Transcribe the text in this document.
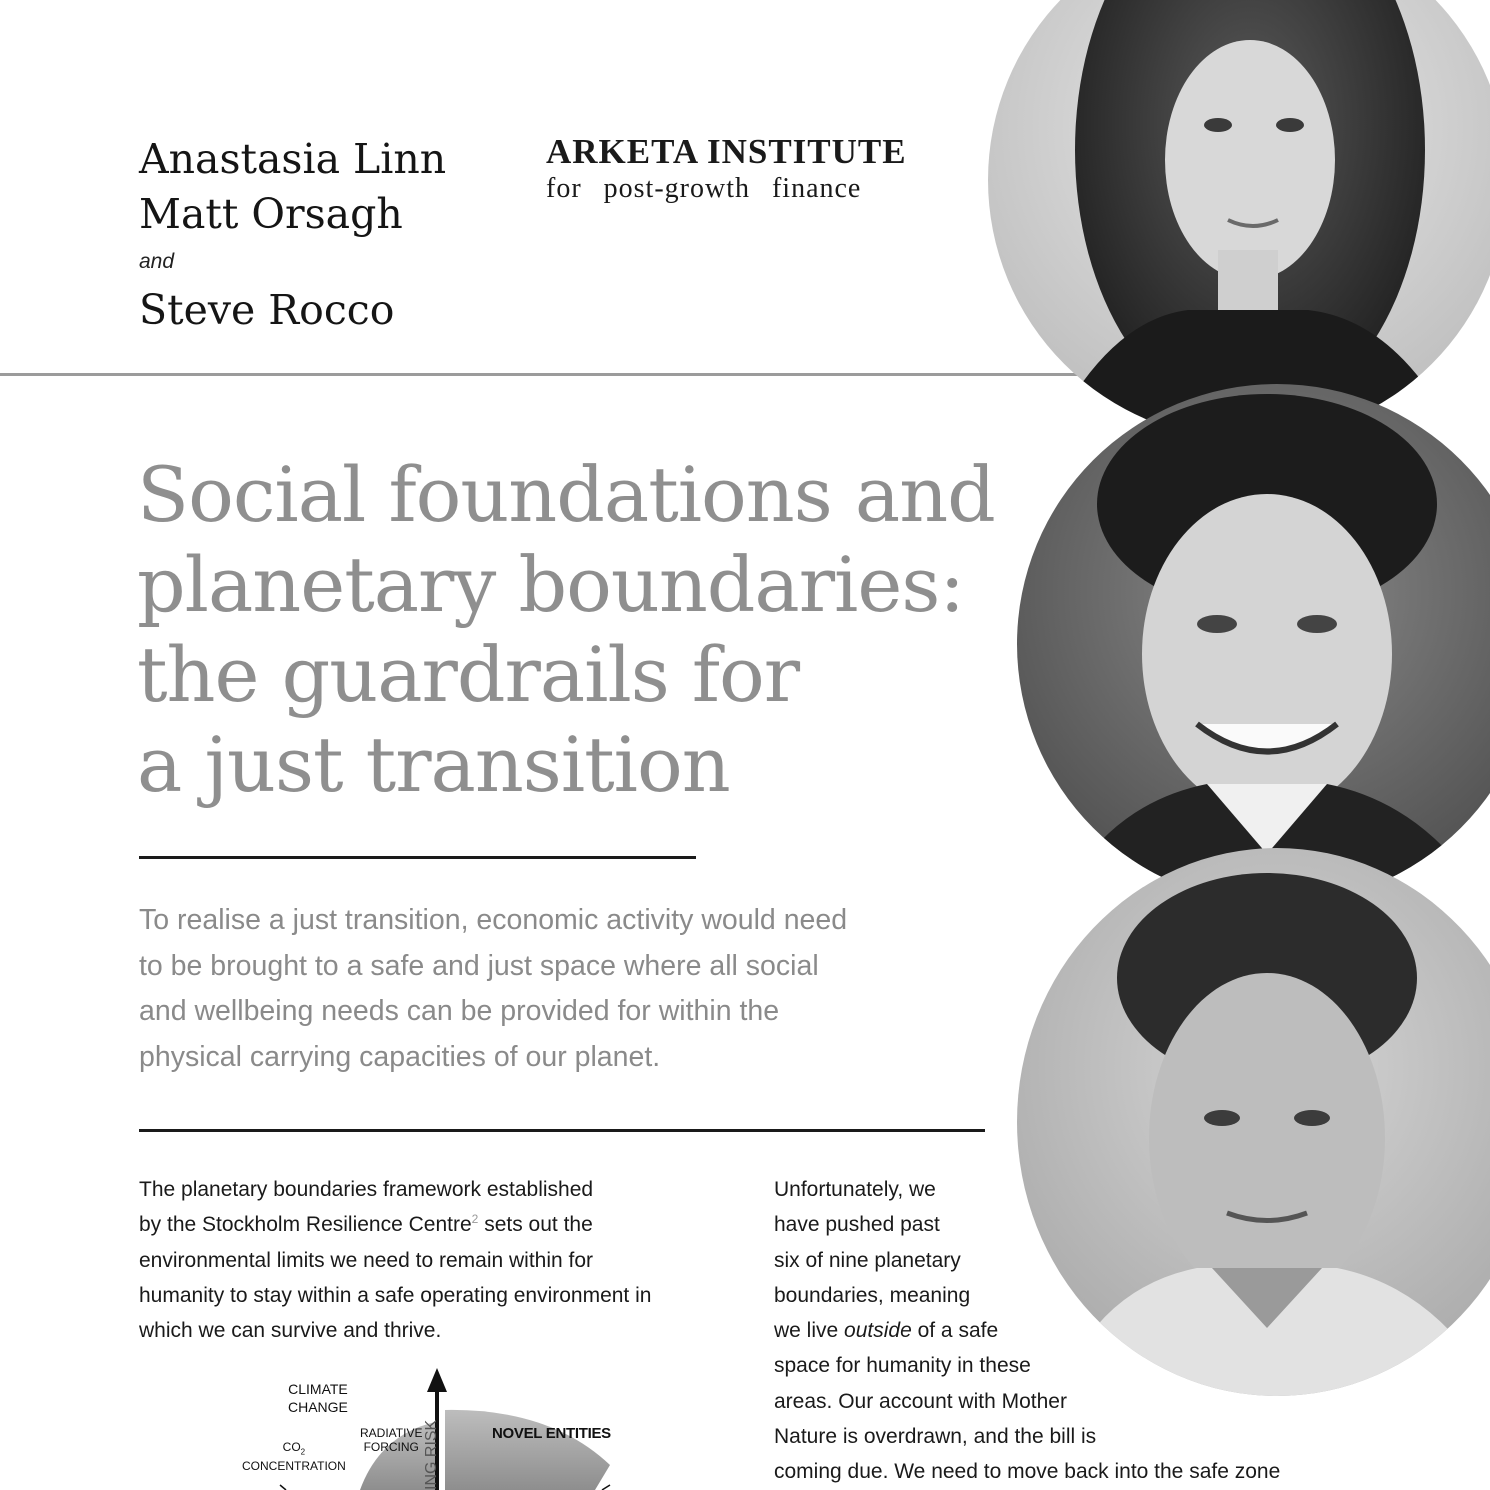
Anastasia Linn
Matt Orsagh
and
Steve Rocco
ARKETA INSTITUTE
for post-growth finance
Social foundations and
planetary boundaries:
the guardrails for
a just transition
To realise a just transition, economic activity would need
to be brought to a safe and just space where all social
and wellbeing needs can be provided for within the
physical carrying capacities of our planet.
The planetary boundaries framework established
by the Stockholm Resilience Centre$^2$ sets out the
environmental limits we need to remain within for
humanity to stay within a safe operating environment in
which we can survive and thrive.
Unfortunately, we
have pushed past
six of nine planetary
boundaries, meaning
we live outside of a safe
space for humanity in these
areas. Our account with Mother
Nature is overdrawn, and the bill is
coming due. We need to move back into the safe zone
CLIMATE
CHANGE
RADIATIVE
FORCING
$CO_2$
CONCENTRATION
NOVEL ENTITIES
ING RISK
